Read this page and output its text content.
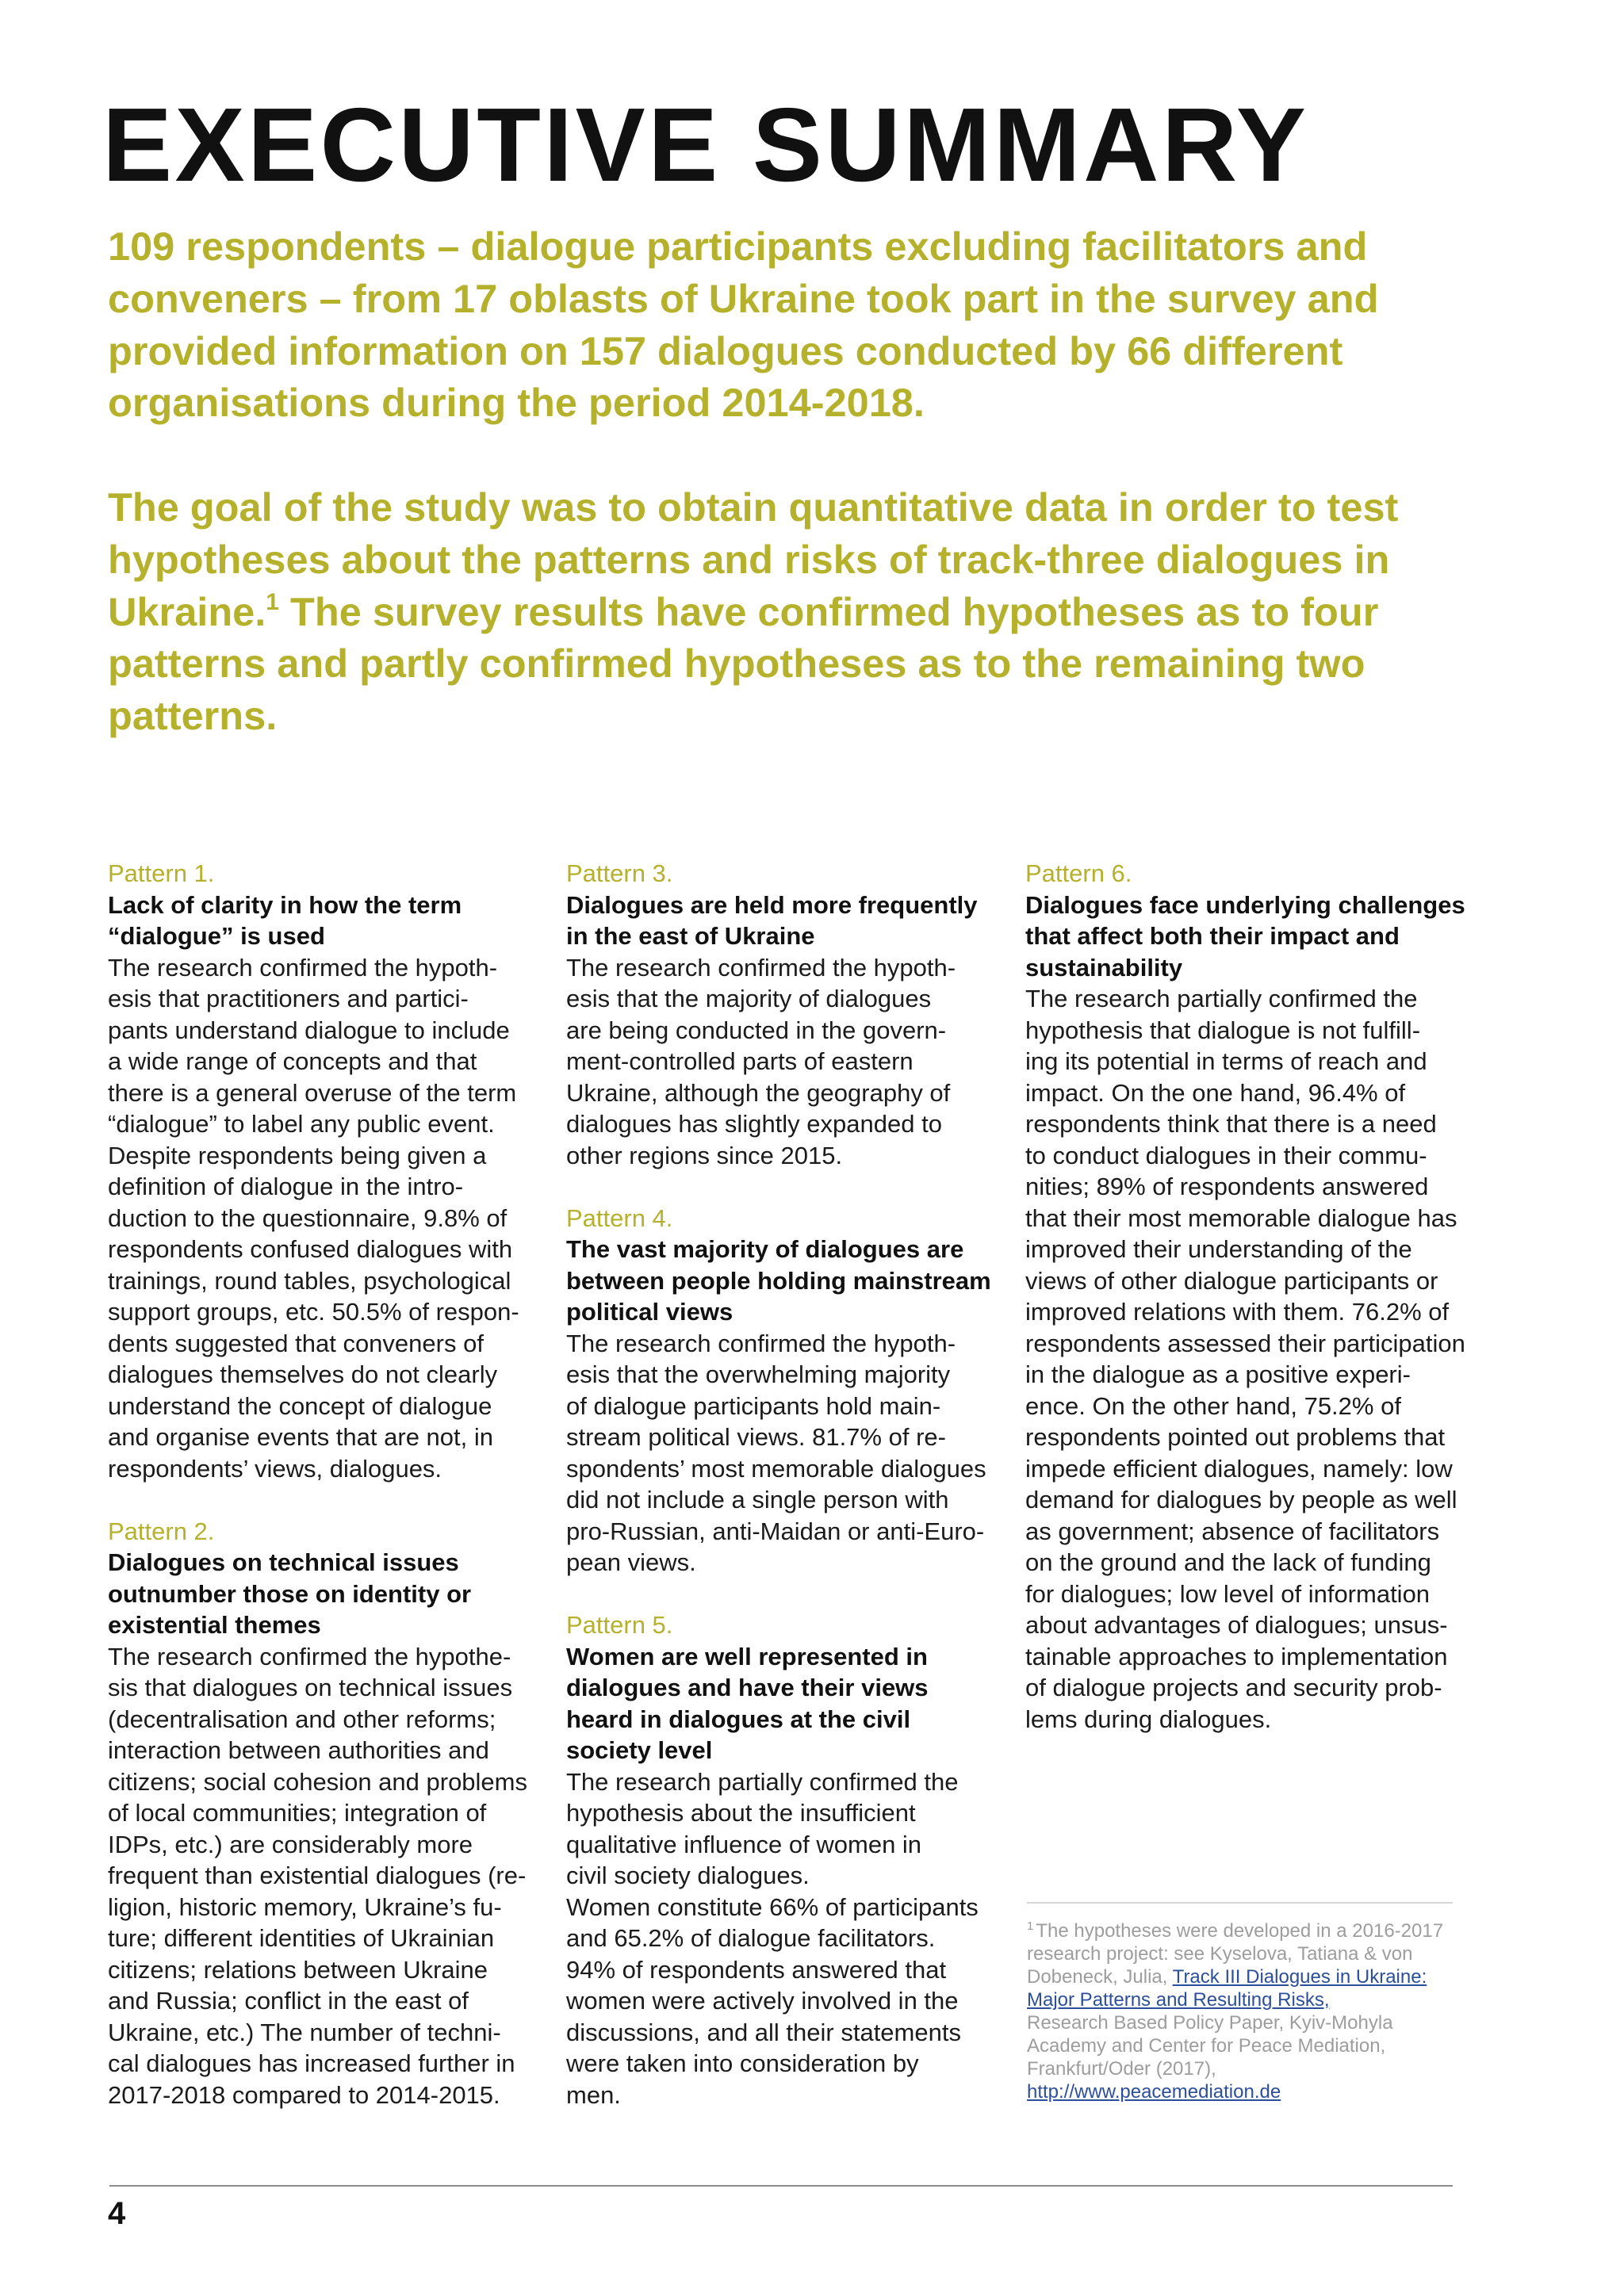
EXECUTIVE SUMMARY

109 respondents – dialogue participants excluding facilitators and
conveners – from 17 oblasts of Ukraine took part in the survey and
provided information on 157 dialogues conducted by 66 different
organisations during the period 2014-2018.

The goal of the study was to obtain quantitative data in order to test
hypotheses about the patterns and risks of track-three dialogues in
Ukraine.$^1$ The survey results have confirmed hypotheses as to four
patterns and partly confirmed hypotheses as to the remaining two
patterns.

Pattern 1.
Lack of clarity in how the term
“dialogue” is used
The research confirmed the hypoth-
esis that practitioners and partici-
pants understand dialogue to include
a wide range of concepts and that
there is a general overuse of the term
“dialogue” to label any public event.
Despite respondents being given a
definition of dialogue in the intro-
duction to the questionnaire, 9.8% of
respondents confused dialogues with
trainings, round tables, psychological
support groups, etc. 50.5% of respon-
dents suggested that conveners of
dialogues themselves do not clearly
understand the concept of dialogue
and organise events that are not, in
respondents’ views, dialogues.
Pattern 2.
Dialogues on technical issues
outnumber those on identity or
existential themes
The research confirmed the hypothe-
sis that dialogues on technical issues
(decentralisation and other reforms;
interaction between authorities and
citizens; social cohesion and problems
of local communities; integration of
IDPs, etc.) are considerably more
frequent than existential dialogues (re-
ligion, historic memory, Ukraine’s fu-
ture; different identities of Ukrainian
citizens; relations between Ukraine
and Russia; conflict in the east of
Ukraine, etc.) The number of techni-
cal dialogues has increased further in
2017-2018 compared to 2014-2015.
Pattern 3.
Dialogues are held more frequently
in the east of Ukraine
The research confirmed the hypoth-
esis that the majority of dialogues
are being conducted in the govern-
ment-controlled parts of eastern
Ukraine, although the geography of
dialogues has slightly expanded to
other regions since 2015.
Pattern 4.
The vast majority of dialogues are
between people holding mainstream
political views
The research confirmed the hypoth-
esis that the overwhelming majority
of dialogue participants hold main-
stream political views. 81.7% of re-
spondents’ most memorable dialogues
did not include a single person with
pro-Russian, anti-Maidan or anti-Euro-
pean views.
Pattern 5.
Women are well represented in
dialogues and have their views
heard in dialogues at the civil
society level
The research partially confirmed the
hypothesis about the insufficient
qualitative influence of women in
civil society dialogues.
Women constitute 66% of participants
and 65.2% of dialogue facilitators.
94% of respondents answered that
women were actively involved in the
discussions, and all their statements
were taken into consideration by
men.
Pattern 6.
Dialogues face underlying challenges
that affect both their impact and
sustainability
The research partially confirmed the
hypothesis that dialogue is not fulfill-
ing its potential in terms of reach and
impact. On the one hand, 96.4% of
respondents think that there is a need
to conduct dialogues in their commu-
nities; 89% of respondents answered
that their most memorable dialogue has
improved their understanding of the
views of other dialogue participants or
improved relations with them. 76.2% of
respondents assessed their participation
in the dialogue as a positive experi-
ence. On the other hand, 75.2% of
respondents pointed out problems that
impede efficient dialogues, namely: low
demand for dialogues by people as well
as government; absence of facilitators
on the ground and the lack of funding
for dialogues; low level of information
about advantages of dialogues; unsus-
tainable approaches to implementation
of dialogue projects and security prob-
lems during dialogues.
$^1$ The hypotheses were developed in a 2016-2017
research project: see Kyselova, Tatiana & von
Dobeneck, Julia, Track III Dialogues in Ukraine:
Major Patterns and Resulting Risks,
Research Based Policy Paper, Kyiv-Mohyla
Academy and Center for Peace Mediation,
Frankfurt/Oder (2017),
http://www.peacemediation.de
4
